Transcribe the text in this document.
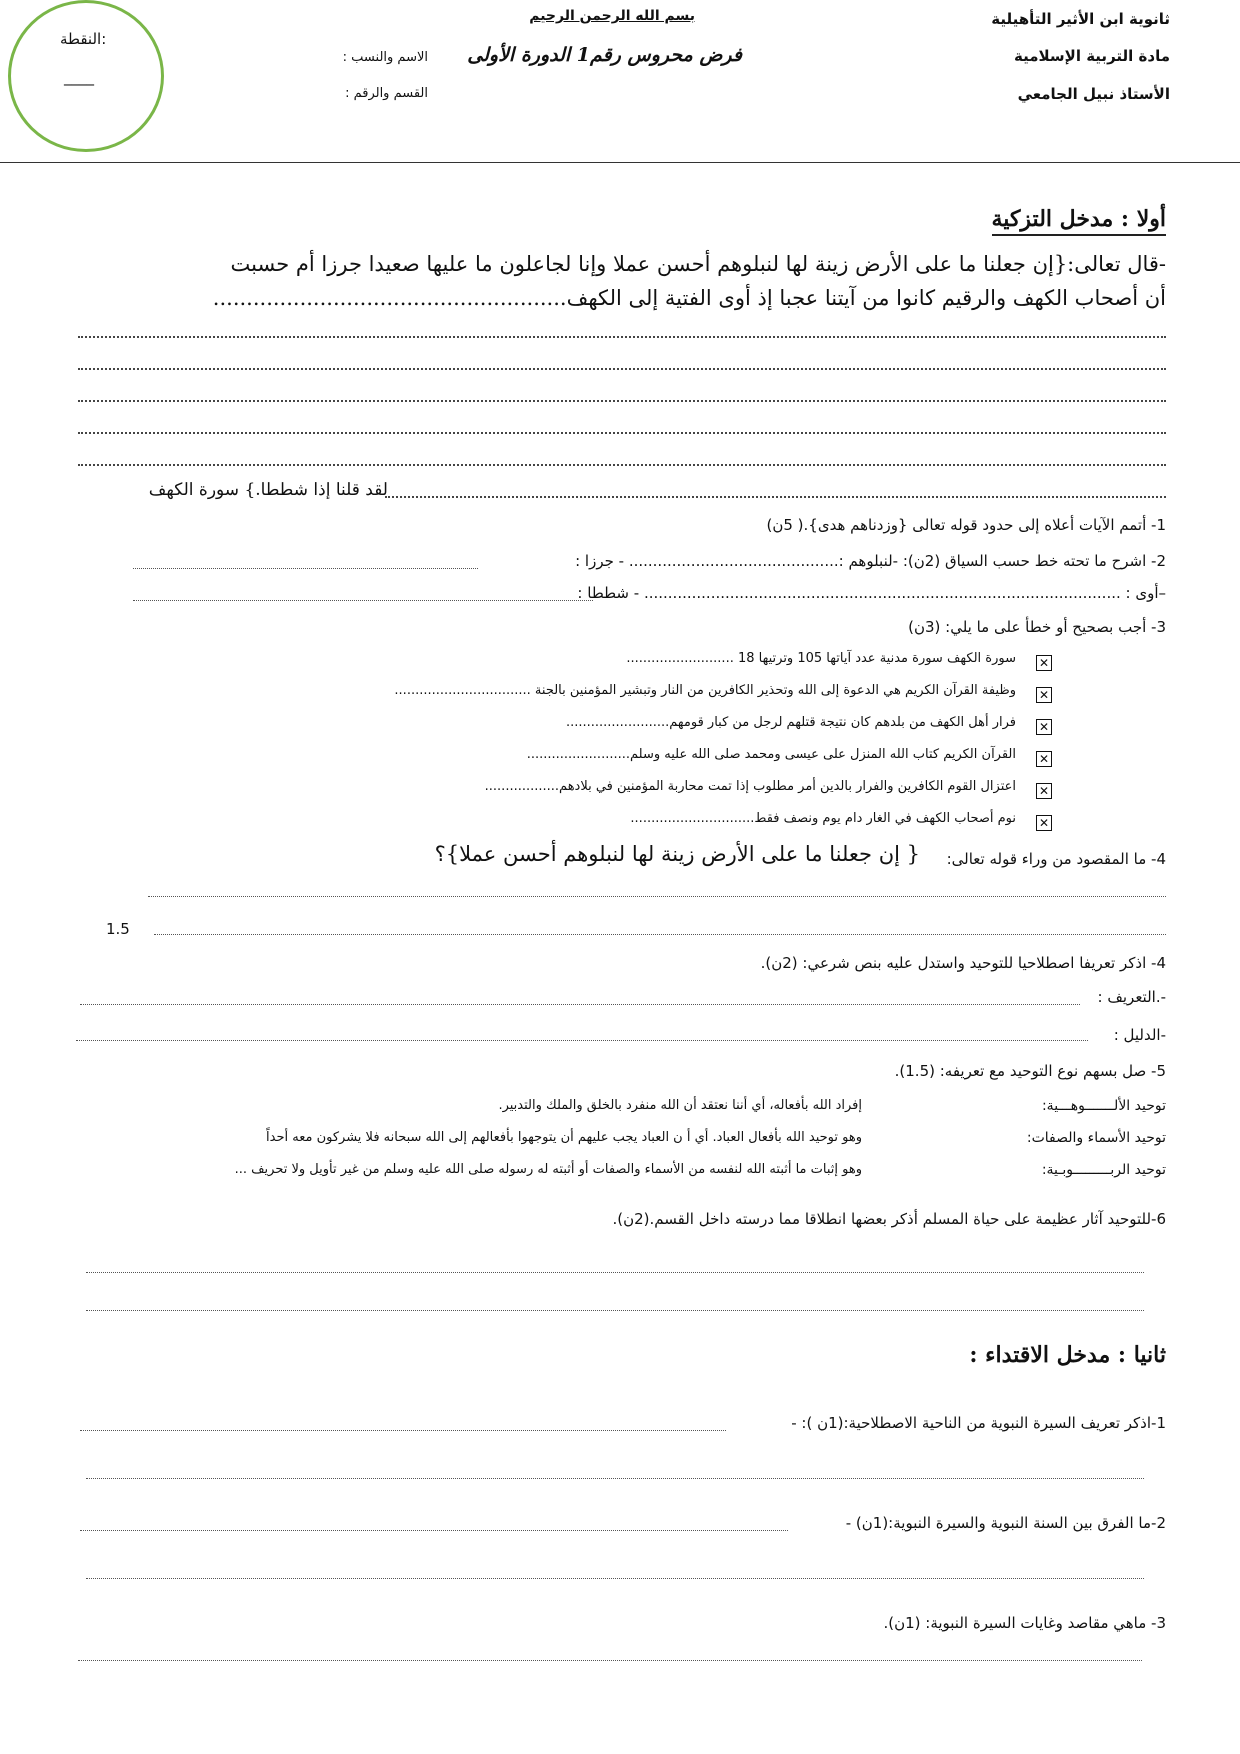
النقطة:
____
بسم الله الرحمن الرحيم	ثانوية ابن الأثير التأهيلية
مادة التربية الإسلامية
الأستاذ نبيل الجامعي
فرض محروس رقم1 الدورة الأولى
الاسم والنسب :
القسم والرقم :
أولا : مدخل التزكية
-قال تعالى:{إن جعلنا ما على الأرض زينة لها لنبلوهم أحسن عملا وإنا لجاعلون ما عليها صعيدا جرزا أم حسبت
أن أصحاب الكهف والرقيم كانوا من آيتنا عجبا إذ أوى الفتية إلى الكهف.....................................................
لقد قلنا إذا شططا.} سورة الكهف
1- أتمم الآيات أعلاه إلى حدود قوله تعالى {وزدناهم هدى}.( 5ن)
2- اشرح ما تحته خط حسب السياق (2ن): -لنبلوهم :............................................ - جرزا :
–أوى : .................................................................................................... - شططا :
3- أجب بصحيح أو خطأ على ما يلي: (3ن)
✕
سورة الكهف سورة مدنية عدد آياتها 105 وترتيها 18 ..........................
✕
وظيفة القرآن الكريم هي الدعوة إلى الله وتحذير الكافرين من النار وتبشير المؤمنين بالجنة .................................
✕
فرار أهل الكهف من بلدهم كان نتيجة قتلهم لرجل من كبار قومهم.........................
✕
القرآن الكريم كتاب الله المنزل على عيسى ومحمد صلى الله عليه وسلم.........................
✕
اعتزال القوم الكافرين والفرار بالدين أمر مطلوب إذا تمت محاربة المؤمنين في بلادهم..................
✕
نوم أصحاب الكهف في الغار دام يوم ونصف فقط..............................
4- ما المقصود من وراء قوله تعالى:
{ إن جعلنا ما على الأرض زينة لها لنبلوهم أحسن عملا}؟
1.5
4- اذكر تعريفا اصطلاحيا للتوحيد واستدل عليه بنص شرعي: (2ن).
-.التعريف :
-الدليل :
5- صل بسهم نوع التوحيد مع تعريفه: (1.5).
توحيد الألـــــــوهـــية:
توحيد الأسماء والصفات:
توحيد الربـــــــــوبـية:
إفراد الله بأفعاله، أي أننا نعتقد أن الله منفرد بالخلق والملك والتدبير.
وهو توحيد الله بأفعال العباد. أي أ ن العباد يجب عليهم أن يتوجهوا بأفعالهم إلى الله سبحانه فلا يشركون معه أحداً
وهو إثبات ما أثبته الله لنفسه من الأسماء والصفات أو أثبته له رسوله صلى الله عليه وسلم من غير تأويل ولا تحريف ...
6-للتوحيد آثار عظيمة على حياة المسلم أذكر بعضها انطلاقا مما درسته داخل القسم.(2ن).
ثانيا : مدخل الاقتداء :
1-اذكر تعريف السيرة النبوية من الناحية الاصطلاحية:(1ن ): -
2-ما الفرق بين السنة النبوية والسيرة النبوية:(1ن) -
3- ماهي مقاصد وغايات السيرة النبوية: (1ن).
